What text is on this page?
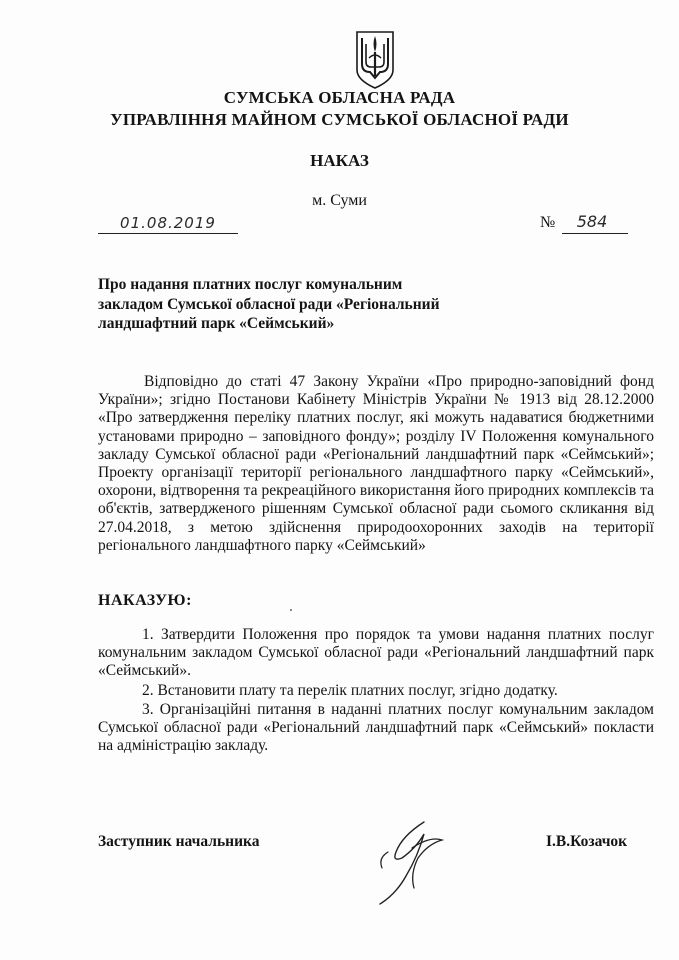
СУМСЬКА ОБЛАСНА РАДА
УПРАВЛІННЯ МАЙНОМ СУМСЬКОЇ ОБЛАСНОЇ РАДИ
НАКАЗ
м. Суми
01.08.2019	№	584
Про надання платних послуг комунальним
закладом Сумської обласної ради «Регіональний
ландшафтний парк «Сеймський»
Відповідно до статі 47 Закону України «Про природно-заповідний фонд України»; згідно Постанови Кабінету Міністрів України № 1913 від 28.12.2000 «Про затвердження переліку платних послуг, які можуть надаватися бюджетними установами природно – заповідного фонду»; розділу IV Положення комунального закладу Сумської обласної ради «Регіональний ландшафтний парк «Сеймський»; Проекту організації території регіонального ландшафтного парку «Сеймський», охорони, відтворення та рекреаційного використання його природних комплексів та об'єктів, затвердженого рішенням Сумської обласної ради сьомого скликання від 27.04.2018, з метою здійснення природоохоронних заходів на території регіонального ландшафтного парку «Сеймський»
НАКАЗУЮ:
1. Затвердити Положення про порядок та умови надання платних послуг комунальним закладом Сумської обласної ради «Регіональний ландшафтний парк «Сеймський».
2. Встановити плату та перелік платних послуг, згідно додатку.
3. Організаційні питання в наданні платних послуг комунальним закладом Сумської обласної ради «Регіональний ландшафтний парк «Сеймський» покласти на адміністрацію закладу.
Заступник начальника	І.В.Козачок
